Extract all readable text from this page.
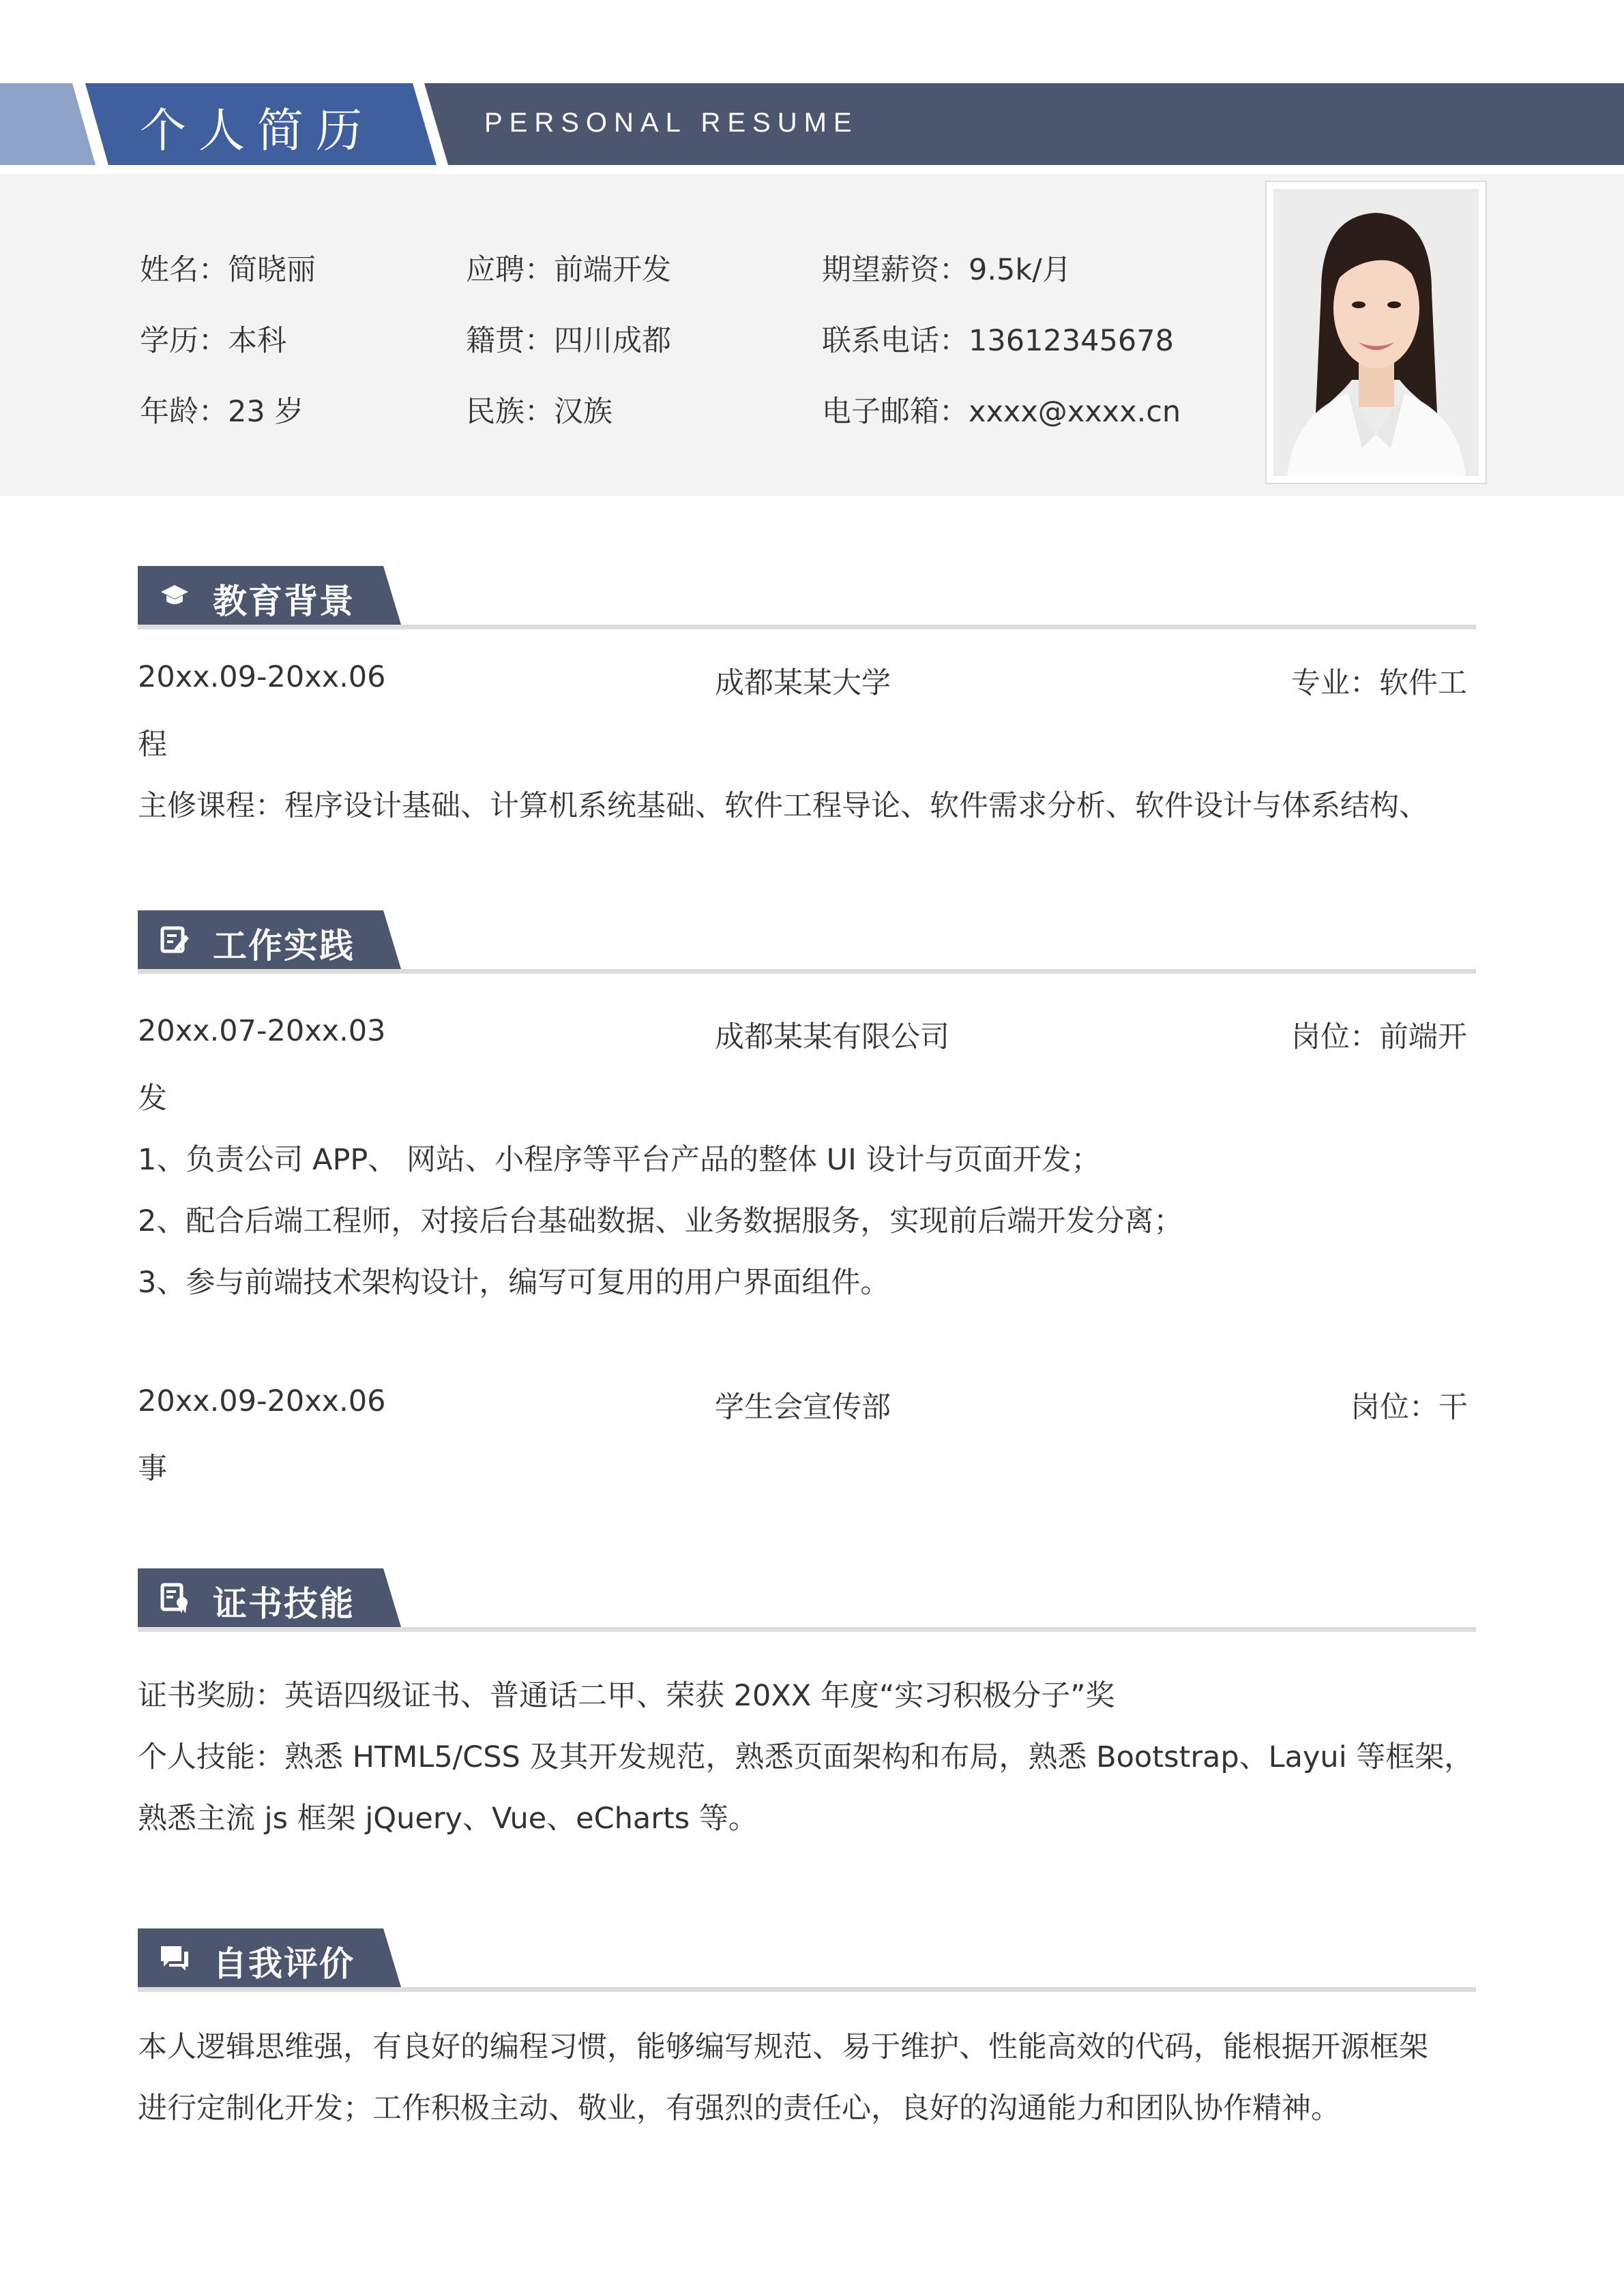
个人简历	PERSONAL RESUME
姓名：简晓丽	应聘：前端开发	期望薪资：9.5k/月
学历：本科	籍贯：四川成都	联系电话：13612345678
年龄：23 岁	民族：汉族	电子邮箱：xxxx@xxxx.cn
教育背景
20xx.09-20xx.06	成都某某大学	专业：软件工
程
主修课程：程序设计基础、计算机系统基础、软件工程导论、软件需求分析、软件设计与体系结构、
工作实践
20xx.07-20xx.03	成都某某有限公司	岗位：前端开
发
1、负责公司 APP、 网站、小程序等平台产品的整体 UI 设计与页面开发；
2、配合后端工程师，对接后台基础数据、业务数据服务，实现前后端开发分离；
3、参与前端技术架构设计，编写可复用的用户界面组件。
20xx.09-20xx.06	学生会宣传部	岗位：干
事
证书技能
证书奖励：英语四级证书、普通话二甲、荣获 20XX 年度“实习积极分子”奖
个人技能：熟悉 HTML5/CSS 及其开发规范，熟悉页面架构和布局，熟悉 Bootstrap、Layui 等框架，
熟悉主流 js 框架 jQuery、Vue、eCharts 等。
自我评价
本人逻辑思维强，有良好的编程习惯，能够编写规范、易于维护、性能高效的代码，能根据开源框架
进行定制化开发；工作积极主动、敬业，有强烈的责任心，良好的沟通能力和团队协作精神。
